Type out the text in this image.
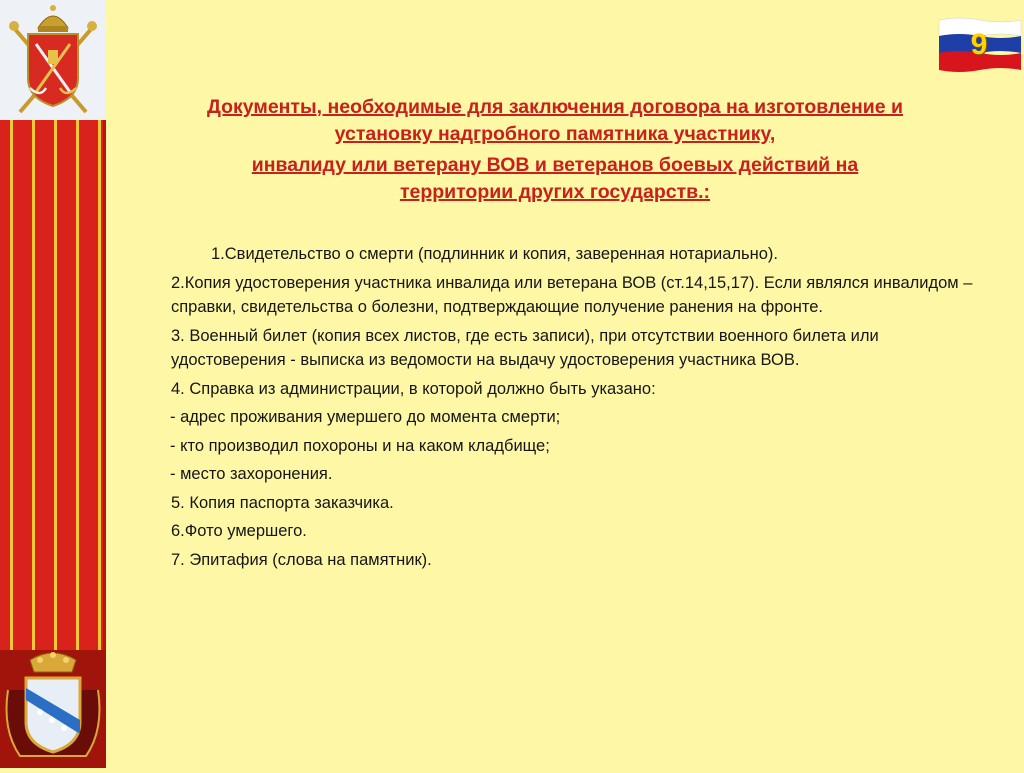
9
Документы, необходимые для заключения договора на изготовление и
установку надгробного памятника участнику,
инвалиду или ветерану ВОВ и ветеранов боевых действий на
территории других государств.:
1.Свидетельство о смерти (подлинник и копия, заверенная нотариально).
2.Копия удостоверения участника инвалида или ветерана ВОВ (ст.14,15,17). Если являлся инвалидом – справки, свидетельства о болезни, подтверждающие получение ранения на фронте.
3. Военный билет (копия всех листов, где есть записи), при отсутствии военного билета или удостоверения - выписка из ведомости на выдачу удостоверения участника ВОВ.
4. Справка из администрации, в которой должно быть указано:
- адрес проживания умершего до момента смерти;
- кто производил похороны и на каком кладбище;
- место захоронения.
5. Копия паспорта заказчика.
6.Фото умершего.
7. Эпитафия (слова на памятник).
